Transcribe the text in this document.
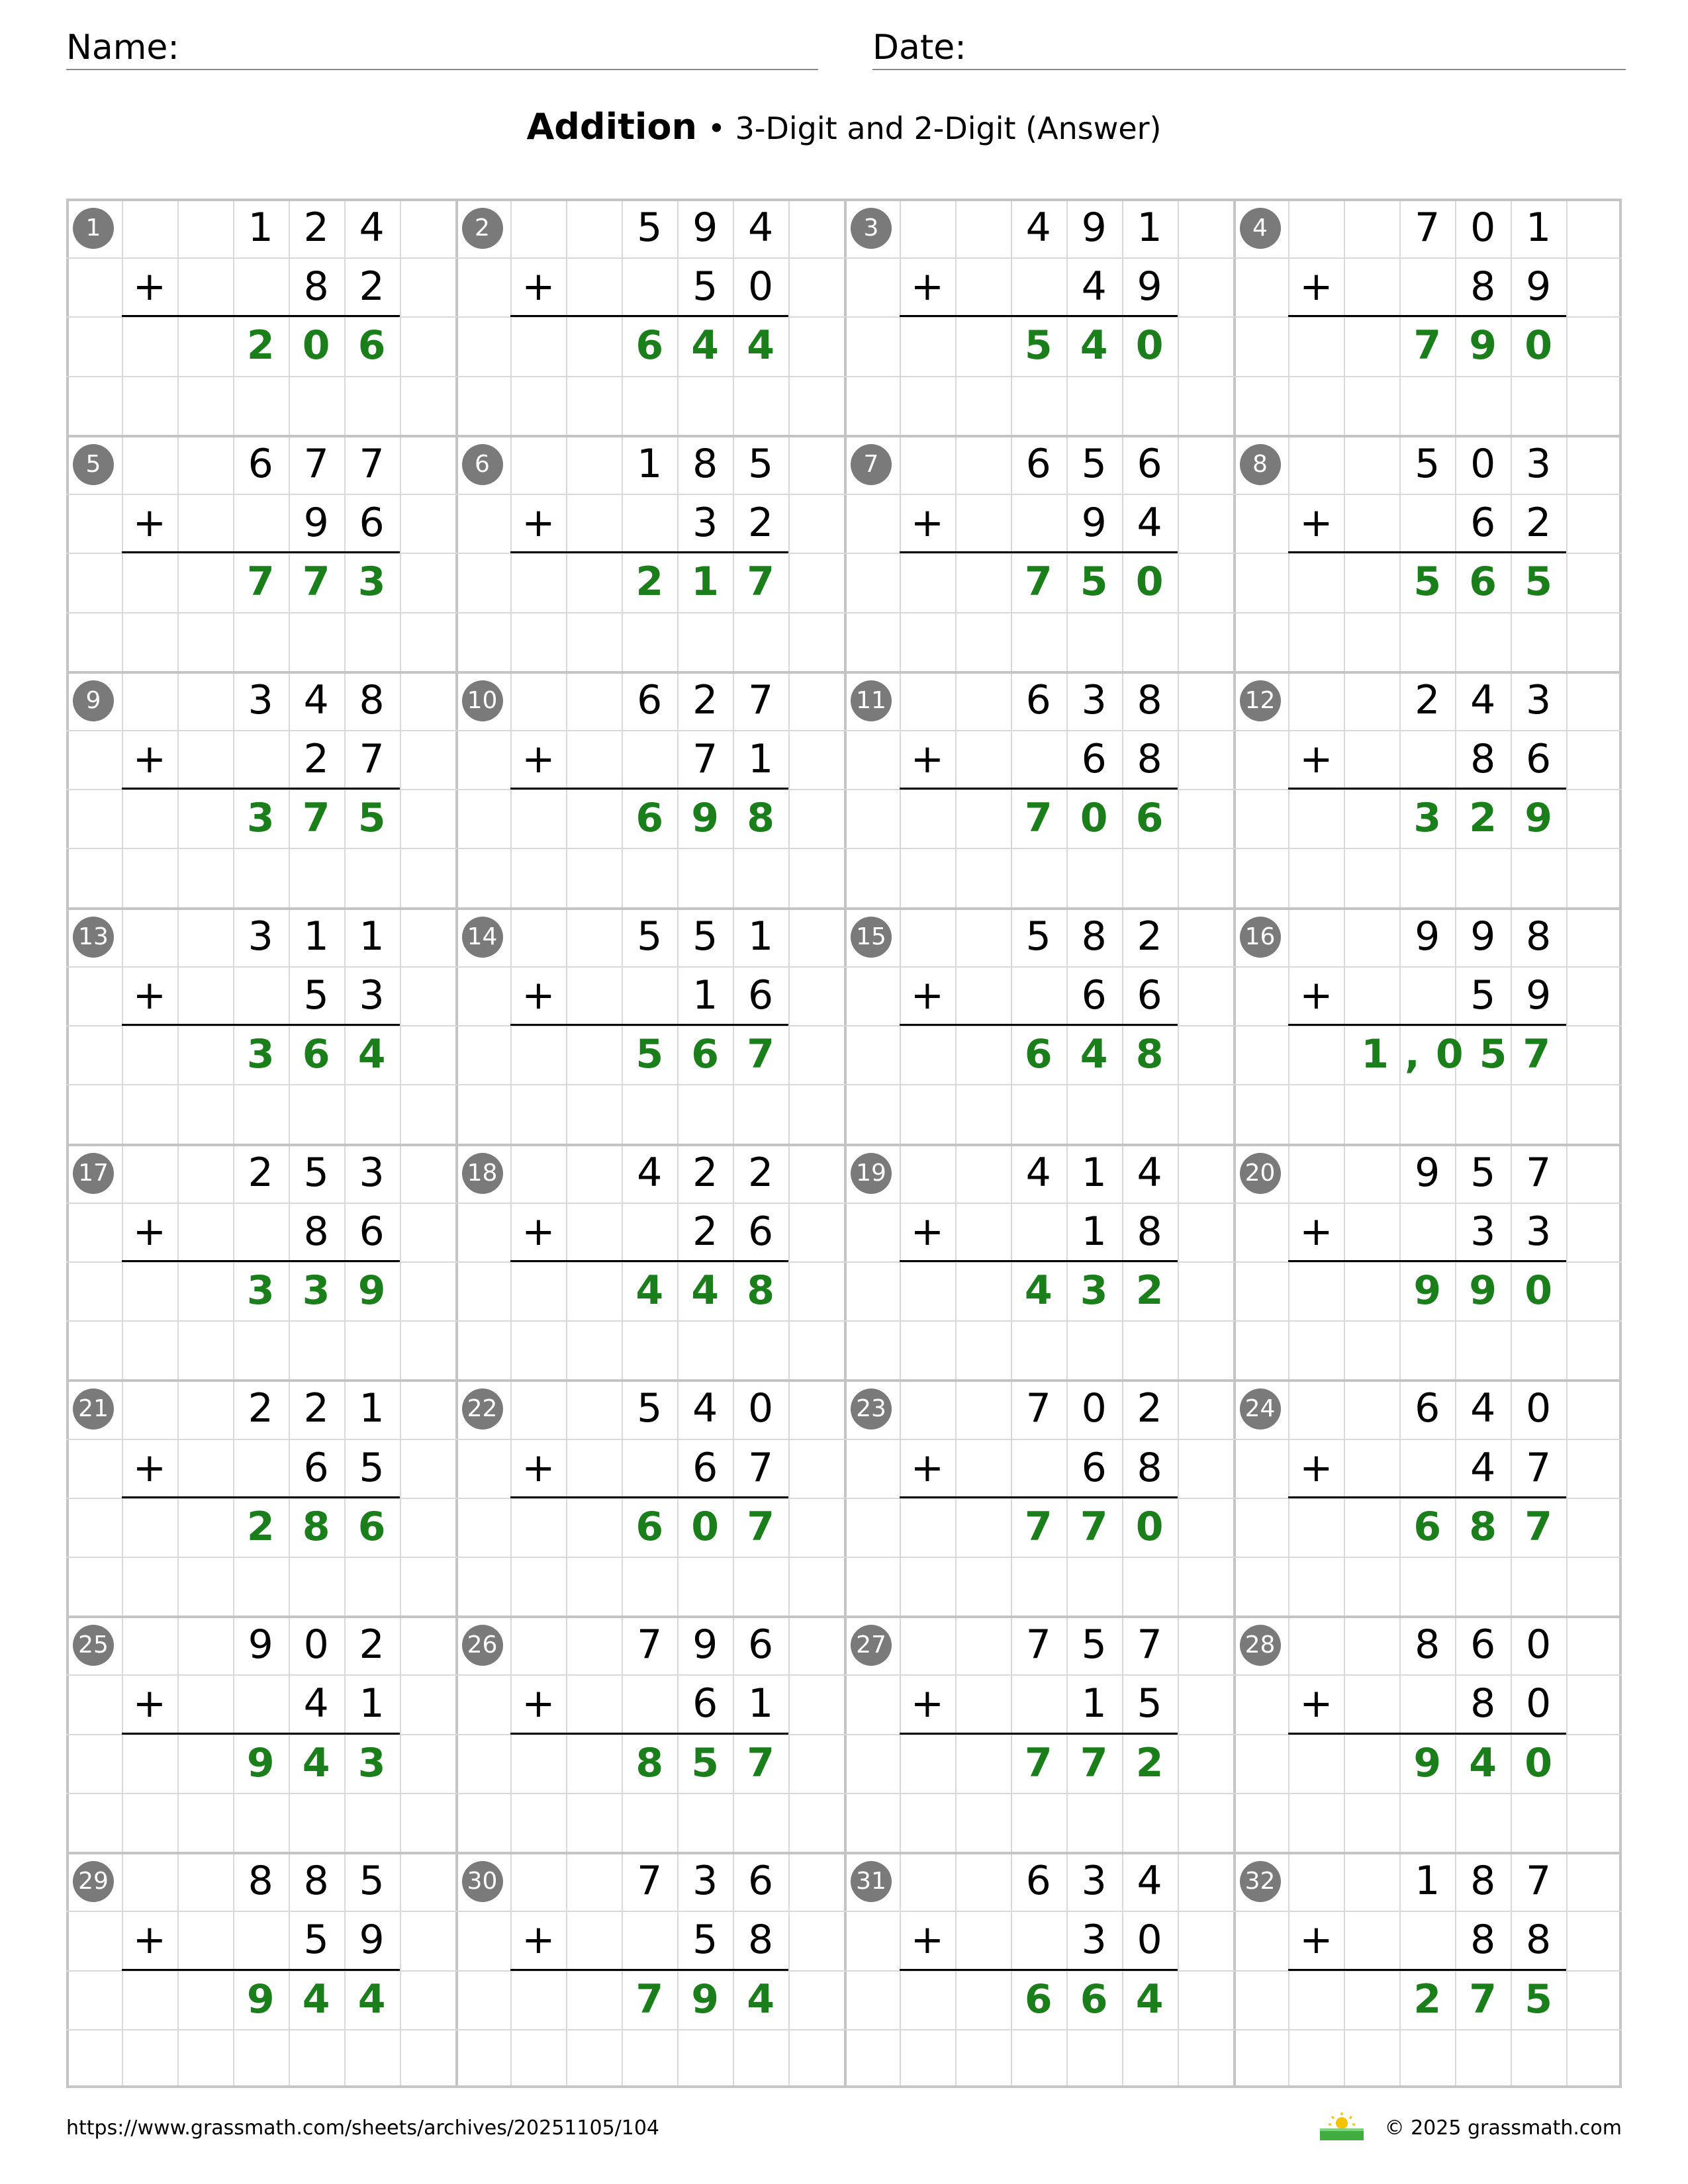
Name:	Date:
Addition • 3-Digit and 2-Digit (Answer)
1	1 2 4
8 2
+
2 0 6
2	5 9 4
5 0
+
6 4 4
3	4 9 1
4 9
+
5 4 0
4	7 0 1
8 9
+
7 9 0
5	6 7 7
9 6
+
7 7 3
6	1 8 5
3 2
+
2 1 7
7	6 5 6
9 4
+
7 5 0
8	5 0 3
6 2
+
5 6 5
9	3 4 8
2 7
+
3 7 5
10	6 2 7
7 1
+
6 9 8
11	6 3 8
6 8
+
7 0 6
12	2 4 3
8 6
+
3 2 9
13	3 1 1
5 3
+
3 6 4
14	5 5 1
1 6
+
5 6 7
15	5 8 2
6 6
+
6 4 8
16	9 9 8
5 9
+
1,057
17	2 5 3
8 6
+
3 3 9
18	4 2 2
2 6
+
4 4 8
19	4 1 4
1 8
+
4 3 2
20	9 5 7
3 3
+
9 9 0
21	2 2 1
6 5
+
2 8 6
22	5 4 0
6 7
+
6 0 7
23	7 0 2
6 8
+
7 7 0
24	6 4 0
4 7
+
6 8 7
25	9 0 2
4 1
+
9 4 3
26	7 9 6
6 1
+
8 5 7
27	7 5 7
1 5
+
7 7 2
28	8 6 0
8 0
+
9 4 0
29	8 8 5
5 9
+
9 4 4
30	7 3 6
5 8
+
7 9 4
31	6 3 4
3 0
+
6 6 4
32	1 8 7
8 8
+
2 7 5
https://www.grassmath.com/sheets/archives/20251105/104	© 2025 grassmath.com
